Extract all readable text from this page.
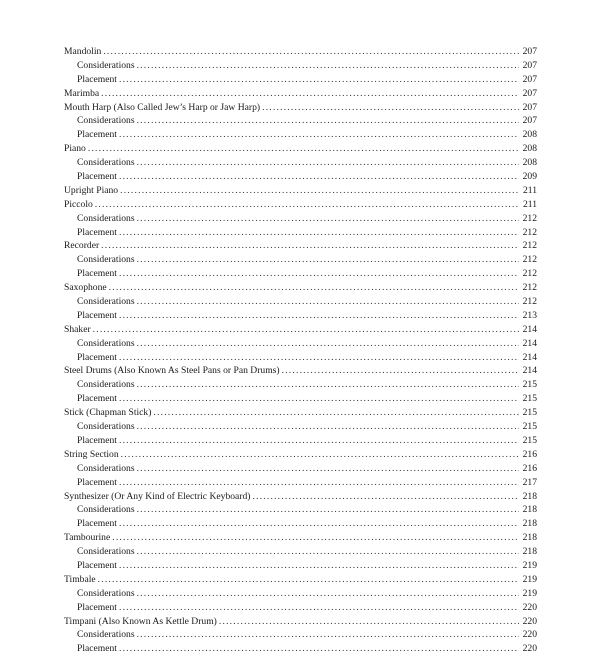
Mandolin . . .	207
Considerations . . .	207
Placement . . .	207
Marimba . . .	207
Mouth Harp (Also Called Jew’s Harp or Jaw Harp) . . .	207
Considerations . . .	207
Placement . . .	208
Piano . . .	208
Considerations . . .	208
Placement . . .	209
Upright Piano . . .	211
Piccolo . . .	211
Considerations . . .	212
Placement . . .	212
Recorder . . .	212
Considerations . . .	212
Placement . . .	212
Saxophone . . .	212
Considerations . . .	212
Placement . . .	213
Shaker . . .	214
Considerations . . .	214
Placement . . .	214
Steel Drums (Also Known As Steel Pans or Pan Drums) . . .	214
Considerations . . .	215
Placement . . .	215
Stick (Chapman Stick) . . .	215
Considerations . . .	215
Placement . . .	215
String Section . . .	216
Considerations . . .	216
Placement . . .	217
Synthesizer (Or Any Kind of Electric Keyboard) . . .	218
Considerations . . .	218
Placement . . .	218
Tambourine . . .	218
Considerations . . .	218
Placement . . .	219
Timbale . . .	219
Considerations . . .	219
Placement . . .	220
Timpani (Also Known As Kettle Drum) . . .	220
Considerations . . .	220
Placement . . .	220
